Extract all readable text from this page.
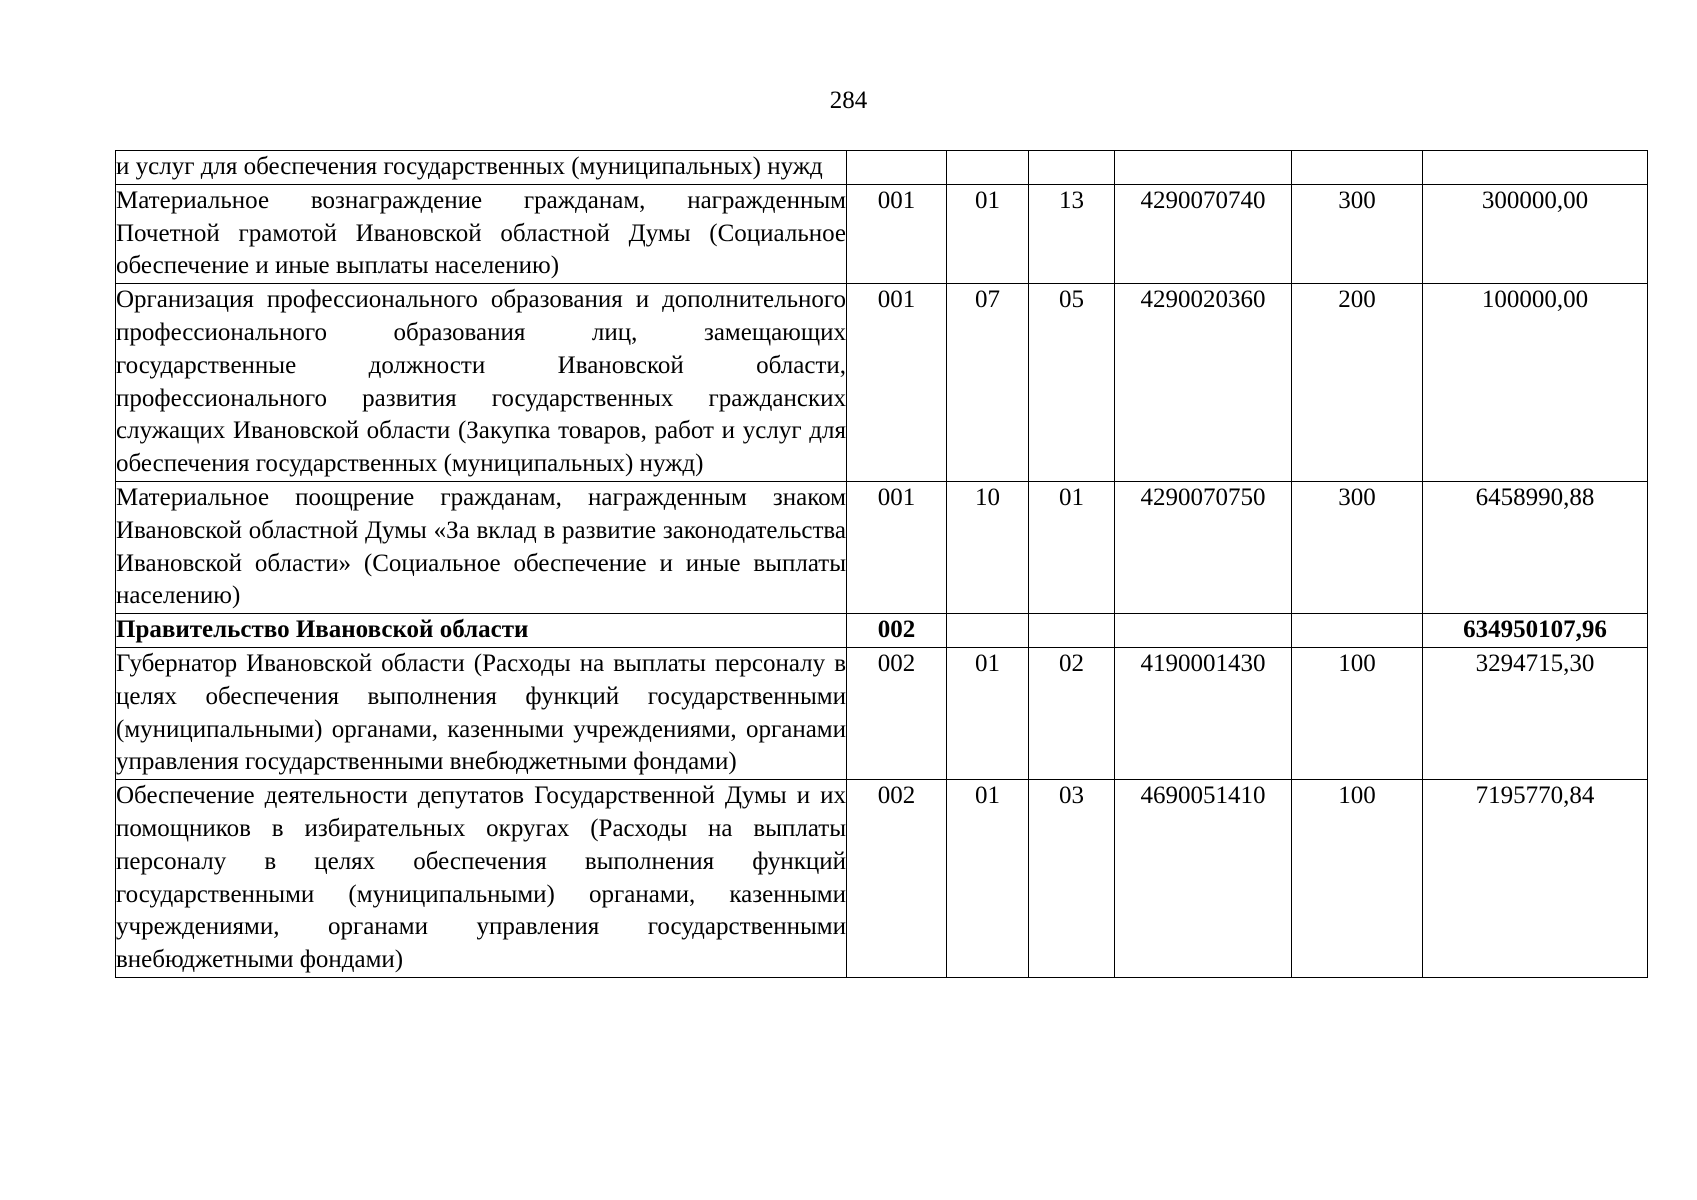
284
и услуг для обеспечения государственных (муниципальных) нужд						
Материальное вознаграждение гражданам, награжденным Почетной грамотой Ивановской областной Думы (Социальное обеспечение и иные выплаты населению)	001	01	13	4290070740	300	300000,00
Организация профессионального образования и дополнительного профессионального образования лиц, замещающих государственные должности Ивановской области, профессионального развития государственных гражданских служащих Ивановской области (Закупка товаров, работ и услуг для обеспечения государственных (муниципальных) нужд)	001	07	05	4290020360	200	100000,00
Материальное поощрение гражданам, награжденным знаком Ивановской областной Думы «За вклад в развитие законодательства Ивановской области» (Социальное обеспечение и иные выплаты населению)	001	10	01	4290070750	300	6458990,88
Правительство Ивановской области	002					634950107,96
Губернатор Ивановской области (Расходы на выплаты персоналу в целях обеспечения выполнения функций государственными (муниципальными) органами, казенными учреждениями, органами управления государственными внебюджетными фондами)	002	01	02	4190001430	100	3294715,30
Обеспечение деятельности депутатов Государственной Думы и их помощников в избирательных округах (Расходы на выплаты персоналу в целях обеспечения выполнения функций государственными (муниципальными) органами, казенными учреждениями, органами управления государственными внебюджетными фондами)	002	01	03	4690051410	100	7195770,84
